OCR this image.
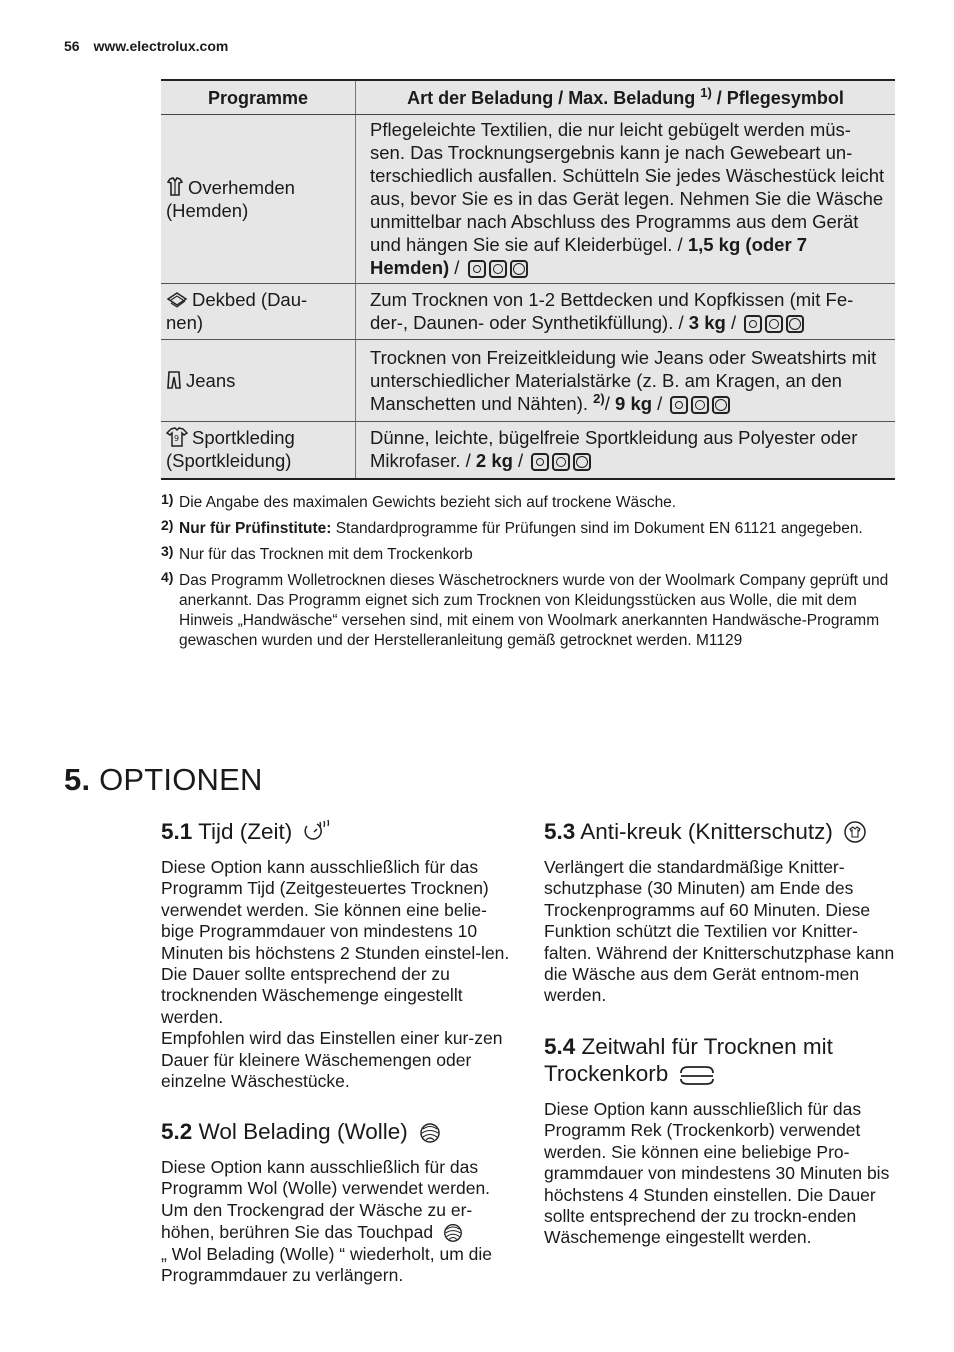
56 www.electrolux.com
Programme	Art der Beladung / Max. Beladung $^{1)}$ / Pflegesymbol
Overhemden
(Hemden)	Pflegeleichte Textilien, die nur leicht gebügelt werden müs-sen. Das Trocknungsergebnis kann je nach Gewebeart un-terschiedlich ausfallen. Schütteln Sie jedes Wäschestück leicht aus, bevor Sie es in das Gerät legen. Nehmen Sie die Wäsche unmittelbar nach Abschluss des Programms aus dem Gerät und hängen Sie sie auf Kleiderbügel. / 1,5 kg (oder 7 Hemden) /
Dekbed (Dau-
nen)	Zum Trocknen von 1-2 Bettdecken und Kopfkissen (mit Fe-der-, Daunen- oder Synthetikfüllung). / 3 kg /
Jeans	Trocknen von Freizeitkleidung wie Jeans oder Sweatshirts mit unterschiedlicher Materialstärke (z. B. am Kragen, an den Manschetten und Nähten). $^{2)}$/ 9 kg /

9 Sportkleding
(Sportkleidung)	Dünne, leichte, bügelfreie Sportkleidung aus Polyester oder Mikrofaser. / 2 kg /
1) Die Angabe des maximalen Gewichts bezieht sich auf trockene Wäsche.
2) Nur für Prüfinstitute: Standardprogramme für Prüfungen sind im Dokument EN 61121 angegeben.
3) Nur für das Trocknen mit dem Trockenkorb
4) Das Programm Wolletrocknen dieses Wäschetrockners wurde von der Woolmark Company geprüft und anerkannt. Das Programm eignet sich zum Trocknen von Kleidungsstücken aus Wolle, die mit dem Hinweis „Handwäsche“ versehen sind, mit einem von Woolmark anerkannten Handwäsche-Programm gewaschen wurden und der Herstelleranleitung gemäß getrocknet werden. M1129
5. OPTIONEN
5.1 Tijd (Zeit)

Diese Option kann ausschließlich für das Programm Tijd (Zeitgesteuertes Trocknen) verwendet werden. Sie können eine belie-bige Programmdauer von mindestens 10 Minuten bis höchstens 2 Stunden einstel-len. Die Dauer sollte entsprechend der zu trocknenden Wäschemenge eingestellt werden.

Empfohlen wird das Einstellen einer kur-zen Dauer für kleinere Wäschemengen oder einzelne Wäschestücke.

5.2 Wol Belading (Wolle)

Diese Option kann ausschließlich für das Programm Wol (Wolle) verwendet werden. Um den Trockengrad der Wäsche zu er-höhen, berühren Sie das Touchpad
„ Wol Belading (Wolle) “ wiederholt, um die Programmdauer zu verlängern.

5.3 Anti-kreuk (Knitterschutz)

Verlängert die standardmäßige Knitter-schutzphase (30 Minuten) am Ende des Trockenprogramms auf 60 Minuten. Diese Funktion schützt die Textilien vor Knitter-falten. Während der Knitterschutzphase kann die Wäsche aus dem Gerät entnom-men werden.

5.4 Zeitwahl für Trocknen mit Trockenkorb

Diese Option kann ausschließlich für das Programm Rek (Trockenkorb) verwendet werden. Sie können eine beliebige Pro-grammdauer von mindestens 30 Minuten bis höchstens 4 Stunden einstellen. Die Dauer sollte entsprechend der zu trockn-enden Wäschemenge eingestellt werden.
